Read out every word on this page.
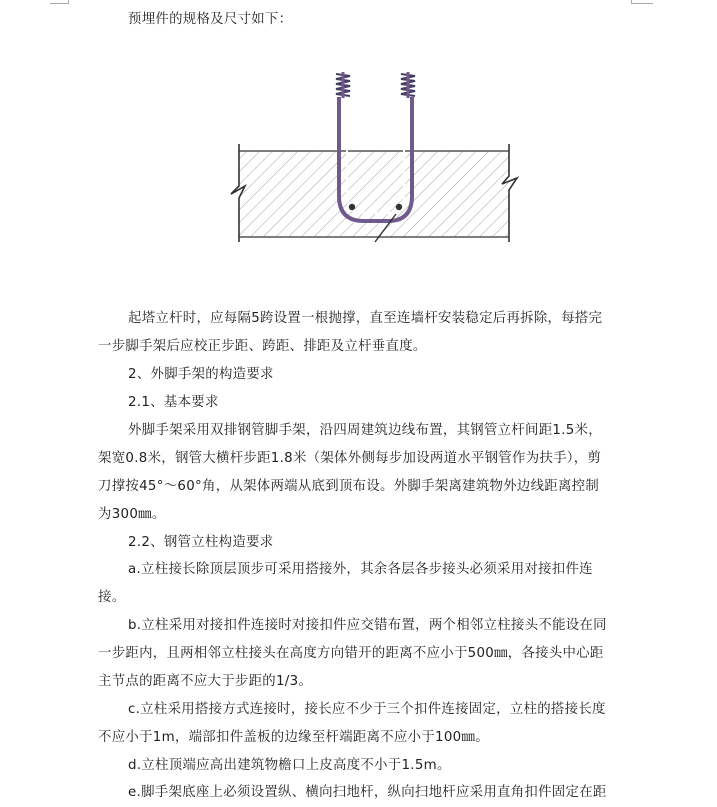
预埋件的规格及尺寸如下：
起塔立杆时，应每隔5跨设置一根抛撑，直至连墙杆安装稳定后再拆除，每搭完
一步脚手架后应校正步距、跨距、排距及立杆垂直度。
2、外脚手架的构造要求
2.1、基本要求
外脚手架采用双排钢管脚手架，沿四周建筑边线布置，其钢管立杆间距1.5米，
架宽0.8米，钢管大横杆步距1.8米（架体外侧每步加设两道水平钢管作为扶手），剪
刀撑按45°～60°角，从架体两端从底到顶布设。外脚手架离建筑物外边线距离控制
为300㎜。
2.2、钢管立柱构造要求
a.立柱接长除顶层顶步可采用搭接外，其余各层各步接头必须采用对接扣件连
接。
b.立柱采用对接扣件连接时对接扣件应交错布置，两个相邻立柱接头不能设在同
一步距内，且两相邻立柱接头在高度方向错开的距离不应小于500㎜，各接头中心距
主节点的距离不应大于步距的1/3。
c.立柱采用搭接方式连接时，接长应不少于三个扣件连接固定，立柱的搭接长度
不应小于1m，端部扣件盖板的边缘至杆端距离不应小于100㎜。
d.立柱顶端应高出建筑物檐口上皮高度不小于1.5m。
e.脚手架底座上必须设置纵、横向扫地杆，纵向扫地杆应采用直角扣件固定在距
